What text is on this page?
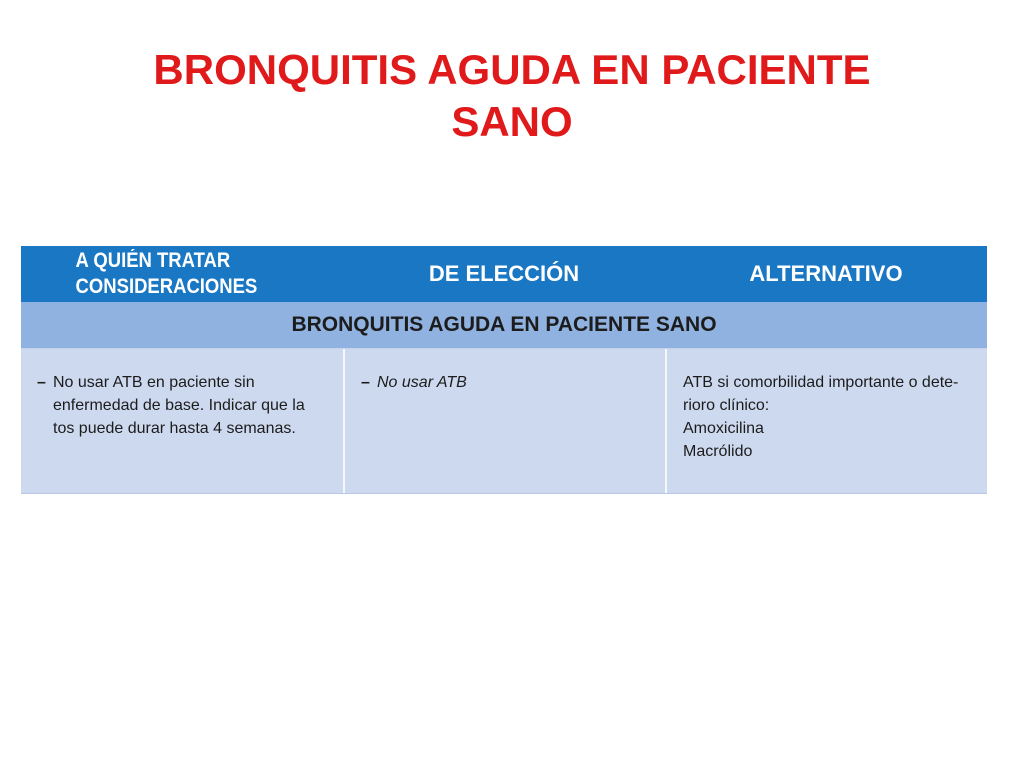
BRONQUITIS AGUDA EN PACIENTE
SANO
A QUIÉN TRATAR
CONSIDERACIONES
DE ELECCIÓN	ALTERNATIVO
BRONQUITIS AGUDA EN PACIENTE SANO
– No usar ATB en paciente sin enfermedad de base. Indicar que la tos puede durar hasta 4 semanas.
– No usar ATB	ATB si comorbilidad importante o dete-
rioro clínico:
Amoxicilina
Macrólido
